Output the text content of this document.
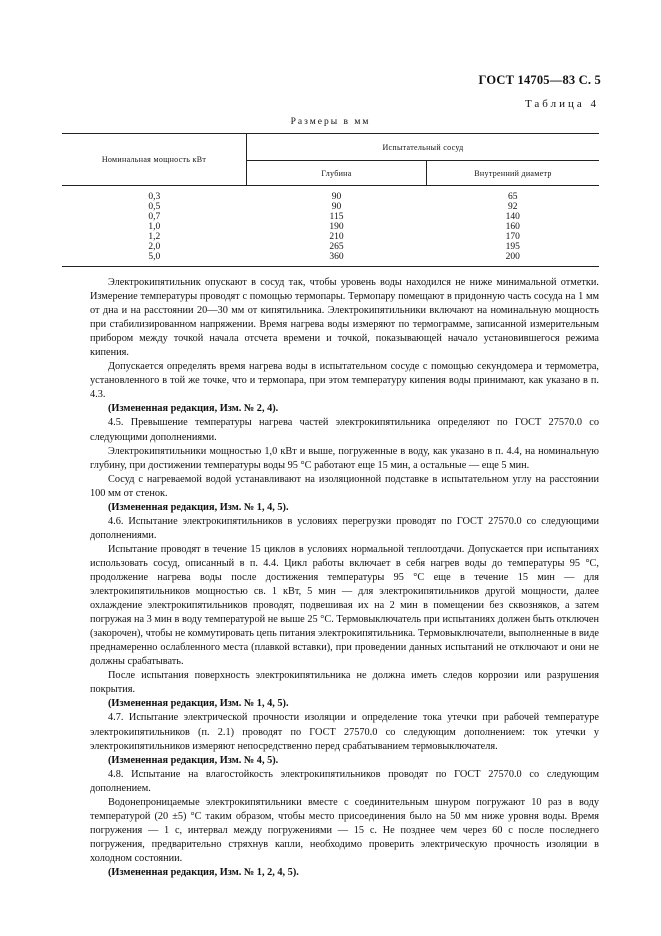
ГОСТ 14705—83 С. 5
Таблица 4
Размеры в мм
Номинальная мощность кВт	Испытательный сосуд	
	Глубина	Внутренний диаметр
0,3	90	65
0,5	90	92
0,7	115	140
1,0	190	160
1,2	210	170
2,0	265	195
5,0	360	200

Электрокипятильник опускают в сосуд так, чтобы уровень воды находился не ниже минимальной отметки. Измерение температуры проводят с помощью термопары. Термопару помещают в придонную часть сосуда на 1 мм от дна и на расстоянии 20—30 мм от кипятильника. Электрокипятильники включают на номинальную мощность при стабилизированном напряжении. Время нагрева воды измеряют по термограмме, записанной измерительным прибором между точкой начала отсчета времени и точкой, показывающей начало установившегося режима кипения.

Допускается определять время нагрева воды в испытательном сосуде с помощью секундомера и термометра, установленного в той же точке, что и термопара, при этом температуру кипения воды принимают, как указано в п. 4.3.

(Измененная редакция, Изм. № 2, 4).

4.5. Превышение температуры нагрева частей электрокипятильника определяют по ГОСТ 27570.0 со следующими дополнениями.

Электрокипятильники мощностью 1,0 кВт и выше, погруженные в воду, как указано в п. 4.4, на номинальную глубину, при достижении температуры воды 95 °С работают еще 15 мин, а остальные — еще 5 мин.

Сосуд с нагреваемой водой устанавливают на изоляционной подставке в испытательном углу на расстоянии 100 мм от стенок.

(Измененная редакция, Изм. № 1, 4, 5).

4.6. Испытание электрокипятильников в условиях перегрузки проводят по ГОСТ 27570.0 со следующими дополнениями.

Испытание проводят в течение 15 циклов в условиях нормальной теплоотдачи. Допускается при испытаниях использовать сосуд, описанный в п. 4.4. Цикл работы включает в себя нагрев воды до температуры 95 °С, продолжение нагрева воды после достижения температуры 95 °С еще в течение 15 мин — для электрокипятильников мощностью св. 1 кВт, 5 мин — для электрокипятильников другой мощности, далее охлаждение электрокипятильников проводят, подвешивая их на 2 мин в помещении без сквозняков, а затем погружая на 3 мин в воду температурой не выше 25 °С. Термовыключатель при испытаниях должен быть отключен (закорочен), чтобы не коммутировать цепь питания электрокипятильника. Термовыключатели, выполненные в виде преднамеренно ослабленного места (плавкой вставки), при проведении данных испытаний не отключают и они не должны срабатывать.

После испытания поверхность электрокипятильника не должна иметь следов коррозии или разрушения покрытия.

(Измененная редакция, Изм. № 1, 4, 5).

4.7. Испытание электрической прочности изоляции и определение тока утечки при рабочей температуре электрокипятильников (п. 2.1) проводят по ГОСТ 27570.0 со следующим дополнением: ток утечки у электрокипятильников измеряют непосредственно перед срабатыванием термовыключателя.

(Измененная редакция, Изм. № 4, 5).

4.8. Испытание на влагостойкость электрокипятильников проводят по ГОСТ 27570.0 со следующим дополнением.

Водонепроницаемые электрокипятильники вместе с соединительным шнуром погружают 10 раз в воду температурой (20 ±5) °С таким образом, чтобы место присоединения было на 50 мм ниже уровня воды. Время погружения — 1 с, интервал между погружениями — 15 с. Не позднее чем через 60 с после последнего погружения, предварительно стряхнув капли, необходимо проверить электрическую прочность изоляции в холодном состоянии.

(Измененная редакция, Изм. № 1, 2, 4, 5).
